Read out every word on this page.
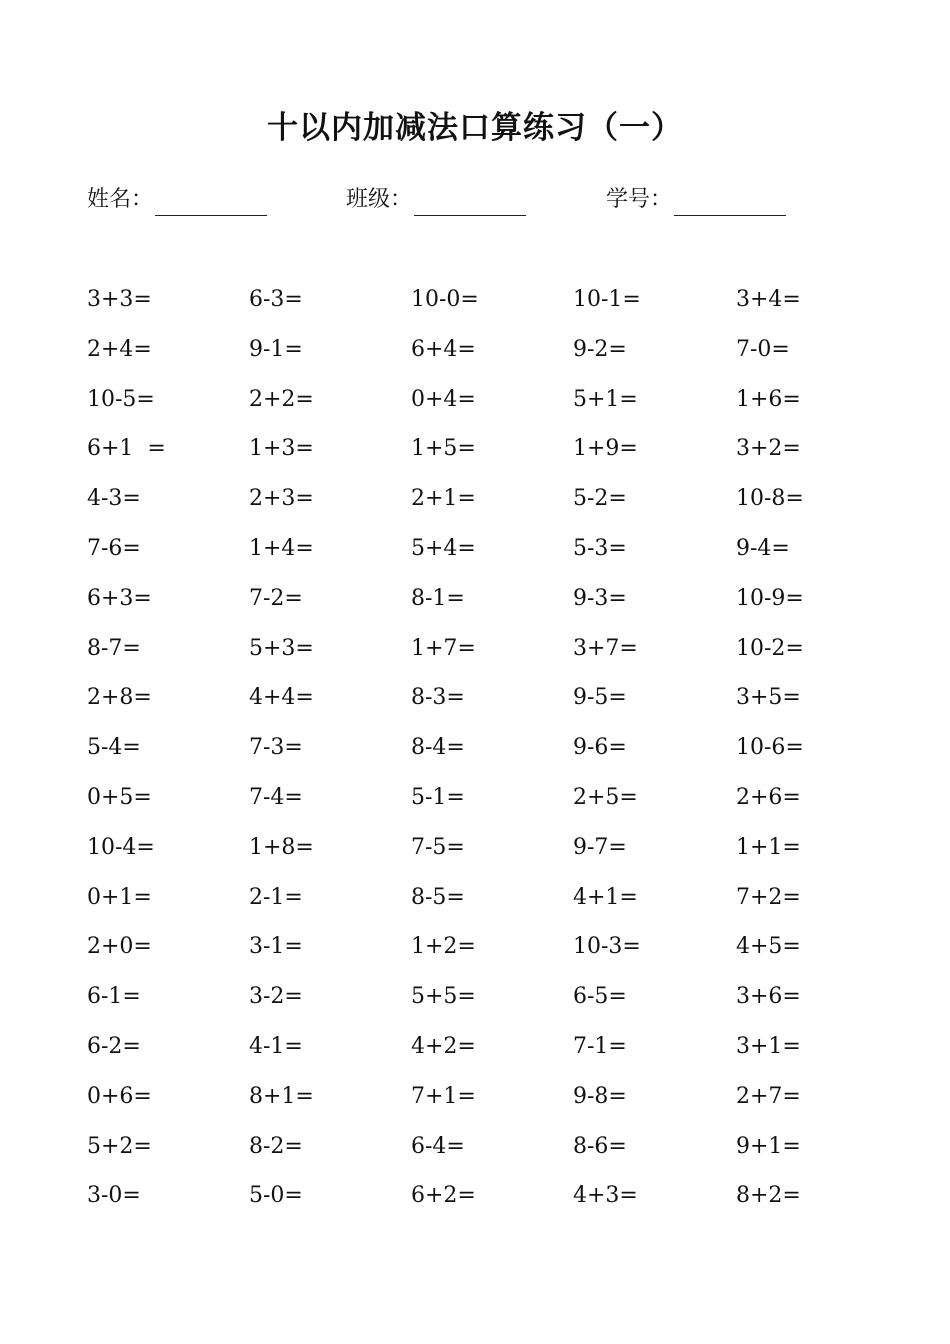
十以内加减法口算练习（一）
姓名：	班级：	学号：
3+3=	6-3=	10-0=	10-1=	3+4=
2+4=	9-1=	6+4=	9-2=	7-0=
10-5=	2+2=	0+4=	5+1=	1+6=
6+1  =	1+3=	1+5=	1+9=	3+2=
4-3=	2+3=	2+1=	5-2=	10-8=
7-6=	1+4=	5+4=	5-3=	9-4=
6+3=	7-2=	8-1=	9-3=	10-9=
8-7=	5+3=	1+7=	3+7=	10-2=
2+8=	4+4=	8-3=	9-5=	3+5=
5-4=	7-3=	8-4=	9-6=	10-6=
0+5=	7-4=	5-1=	2+5=	2+6=
10-4=	1+8=	7-5=	9-7=	1+1=
0+1=	2-1=	8-5=	4+1=	7+2=
2+0=	3-1=	1+2=	10-3=	4+5=
6-1=	3-2=	5+5=	6-5=	3+6=
6-2=	4-1=	4+2=	7-1=	3+1=
0+6=	8+1=	7+1=	9-8=	2+7=
5+2=	8-2=	6-4=	8-6=	9+1=
3-0=	5-0=	6+2=	4+3=	8+2=
